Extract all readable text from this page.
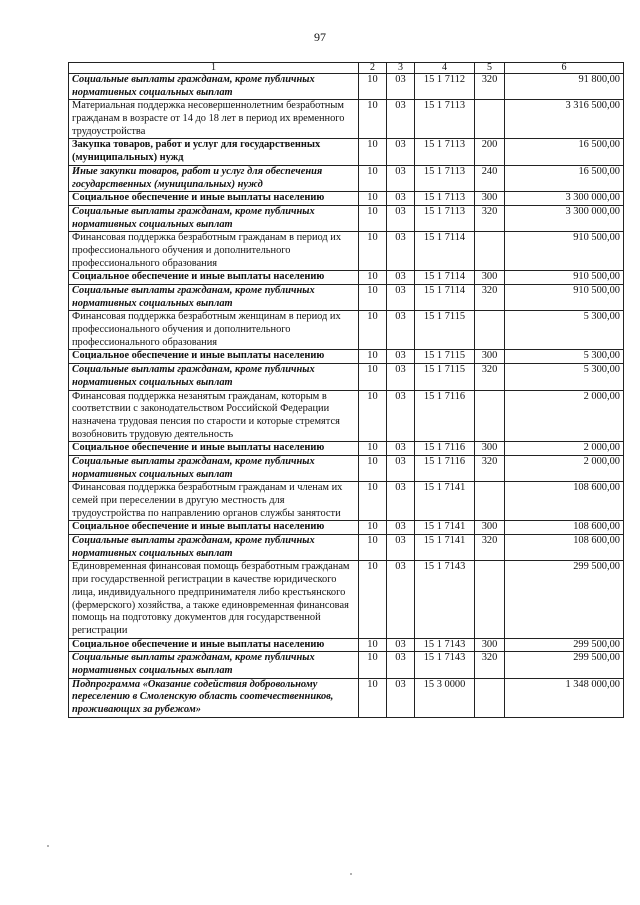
97
1	2	3	4	5	6
Социальные выплаты гражданам, кроме публичных нормативных социальных выплат	10	03	15 1 7112	320	91 800,00
Материальная поддержка несовершеннолетним безработным гражданам в возрасте от 14 до 18 лет в период их временного трудоустройства	10	03	15 1 7113		3 316 500,00
Закупка товаров, работ и услуг для государственных (муниципальных) нужд	10	03	15 1 7113	200	16 500,00
Иные закупки товаров, работ и услуг для обеспечения государственных (муниципальных) нужд	10	03	15 1 7113	240	16 500,00
Социальное обеспечение и иные выплаты населению	10	03	15 1 7113	300	3 300 000,00
Социальные выплаты гражданам, кроме публичных нормативных социальных выплат	10	03	15 1 7113	320	3 300 000,00
Финансовая поддержка безработным гражданам в период их профессионального обучения и дополнительного профессионального образования	10	03	15 1 7114		910 500,00
Социальное обеспечение и иные выплаты населению	10	03	15 1 7114	300	910 500,00
Социальные выплаты гражданам, кроме публичных нормативных социальных выплат	10	03	15 1 7114	320	910 500,00
Финансовая поддержка безработным женщинам в период их профессионального обучения и дополнительного профессионального образования	10	03	15 1 7115		5 300,00
Социальное обеспечение и иные выплаты населению	10	03	15 1 7115	300	5 300,00
Социальные выплаты гражданам, кроме публичных нормативных социальных выплат	10	03	15 1 7115	320	5 300,00
Финансовая поддержка незанятым гражданам, которым в соответствии с законодательством Российской Федерации назначена трудовая пенсия по старости и которые стремятся возобновить трудовую деятельность	10	03	15 1 7116		2 000,00
Социальное обеспечение и иные выплаты населению	10	03	15 1 7116	300	2 000,00
Социальные выплаты гражданам, кроме публичных нормативных социальных выплат	10	03	15 1 7116	320	2 000,00
Финансовая поддержка безработным гражданам и членам их семей при переселении в другую местность для трудоустройства по направлению органов службы занятости	10	03	15 1 7141		108 600,00
Социальное обеспечение и иные выплаты населению	10	03	15 1 7141	300	108 600,00
Социальные выплаты гражданам, кроме публичных нормативных социальных выплат	10	03	15 1 7141	320	108 600,00
Единовременная финансовая помощь безработным гражданам при государственной регистрации в качестве юридического лица, индивидуального предпринимателя либо крестьянского (фермерского) хозяйства, а также единовременная финансовая помощь на подготовку документов для государственной регистрации	10	03	15 1 7143		299 500,00
Социальное обеспечение и иные выплаты населению	10	03	15 1 7143	300	299 500,00
Социальные выплаты гражданам, кроме публичных нормативных социальных выплат	10	03	15 1 7143	320	299 500,00
Подпрограмма «Оказание содействия добровольному переселению в Смоленскую область соотечественников, проживающих за рубежом»	10	03	15 3 0000		1 348 000,00
